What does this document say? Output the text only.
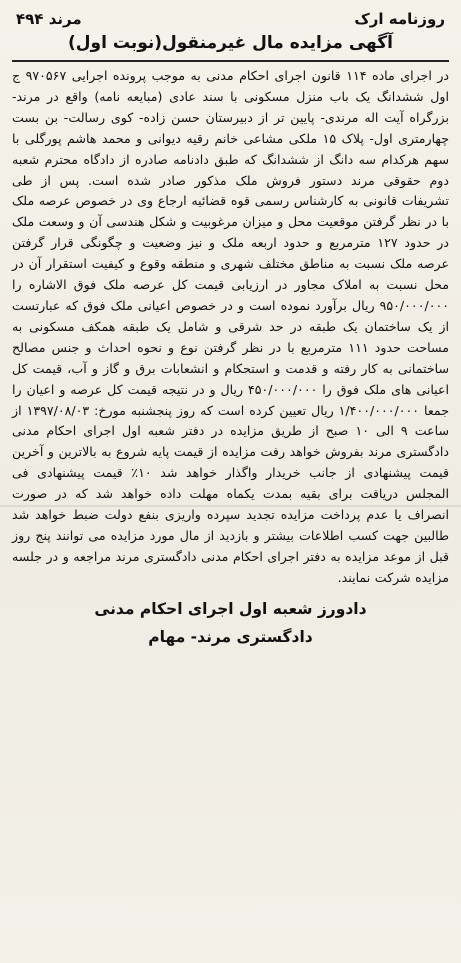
روزنامه ارک
مرند ۴۹۴
آگهی مزایده مال غیرمنقول(نوبت اول)

در اجرای ماده ۱۱۴ قانون اجرای احکام مدنی به موجب پرونده اجرایی ۹۷۰۵۶۷ ج اول ششدانگ یک باب منزل مسکونی با سند عادی (مبایعه نامه) واقع در مرند- بزرگراه آیت اله مرندی- پایین تر از دبیرستان حسن زاده- کوی رسالت- بن بست چهارمتری اول- پلاک ۱۵ ملکی مشاعی خانم رقیه دیوانی و محمد هاشم پورگلی با سهم هرکدام سه دانگ از ششدانگ که طبق دادنامه صادره از دادگاه محترم شعبه دوم حقوقی مرند دستور فروش ملک مذکور صادر شده است. پس از طی تشریفات قانونی به کارشناس رسمی قوه قضائیه ارجاع وی در خصوص عرصه ملک با در نظر گرفتن موقعیت محل و میزان مرغوبیت و شکل هندسی آن و وسعت ملک در حدود ۱۲۷ مترمربع و حدود اربعه ملک و نیز وضعیت و چگونگی قرار گرفتن عرصه ملک نسبت به مناطق مختلف شهری و منطقه وقوع و کیفیت استقرار آن در محل نسبت به املاک مجاور در ارزیابی قیمت کل عرصه ملک فوق الاشاره را ۹۵۰/۰۰۰/۰۰۰ ریال برآورد نموده است و در خصوص اعیانی ملک فوق که عبارتست از یک ساختمان یک طبقه در حد شرقی و شامل یک طبقه همکف مسکونی به مساحت حدود ۱۱۱ مترمربع با در نظر گرفتن نوع و نحوه احداث و جنس مصالح ساختمانی به کار رفته و قدمت و استحکام و انشعابات برق و گاز و آب، قیمت کل اعیانی های ملک فوق را ۴۵۰/۰۰۰/۰۰۰ ریال و در نتیجه قیمت کل عرصه و اعیان را جمعا ۱/۴۰۰/۰۰۰/۰۰۰ ریال تعیین کرده است که روز پنجشنبه مورخ: ۱۳۹۷/۰۸/۰۳ از ساعت ۹ الی ۱۰ صبح از طریق مزایده در دفتر شعبه اول اجرای احکام مدنی دادگستری مرند بفروش خواهد رفت مزایده از قیمت پایه شروع به بالاترین و آخرین قیمت پیشنهادی از جانب خریدار واگذار خواهد شد ۱۰٪ قیمت پیشنهادی فی المجلس دریافت برای بقیه بمدت یکماه مهلت داده خواهد شد که در صورت انصراف یا عدم پرداخت مزایده تجدید سپرده واریزی بنفع دولت ضبط خواهد شد طالبین جهت کسب اطلاعات بیشتر و بازدید از مال مورد مزایده می توانند پنج روز قبل از موعد مزایده به دفتر اجرای احکام مدنی دادگستری مرند مراجعه و در جلسه مزایده شرکت نمایند.

دادورز شعبه اول اجرای احکام مدنی
دادگستری مرند- مهام
